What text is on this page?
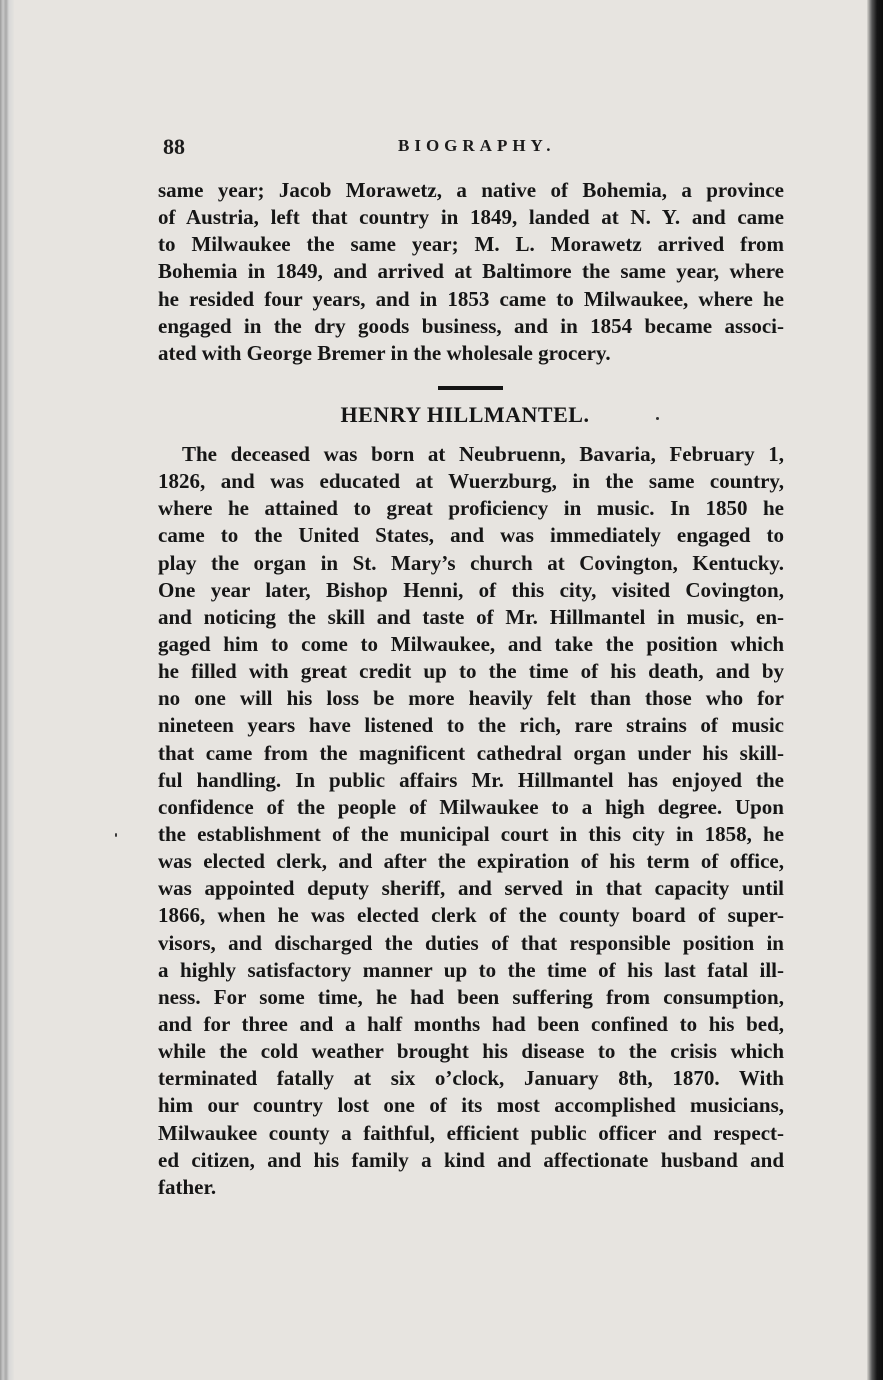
88	BIOGRAPHY.
same year; Jacob Morawetz, a native of Bohemia, a province
of Austria, left that country in 1849, landed at N. Y. and came
to Milwaukee the same year; M. L. Morawetz arrived from
Bohemia in 1849, and arrived at Baltimore the same year, where
he resided four years, and in 1853 came to Milwaukee, where he
engaged in the dry goods business, and in 1854 became associ-
ated with George Bremer in the wholesale grocery.
HENRY HILLMANTEL.
The deceased was born at Neubruenn, Bavaria, February 1,
1826, and was educated at Wuerzburg, in the same country,
where he attained to great proficiency in music. In 1850 he
came to the United States, and was immediately engaged to
play the organ in St. Mary’s church at Covington, Kentucky.
One year later, Bishop Henni, of this city, visited Covington,
and noticing the skill and taste of Mr. Hillmantel in music, en-
gaged him to come to Milwaukee, and take the position which
he filled with great credit up to the time of his death, and by
no one will his loss be more heavily felt than those who for
nineteen years have listened to the rich, rare strains of music
that came from the magnificent cathedral organ under his skill-
ful handling. In public affairs Mr. Hillmantel has enjoyed the
confidence of the people of Milwaukee to a high degree. Upon
the establishment of the municipal court in this city in 1858, he
was elected clerk, and after the expiration of his term of office,
was appointed deputy sheriff, and served in that capacity until
1866, when he was elected clerk of the county board of super-
visors, and discharged the duties of that responsible position in
a highly satisfactory manner up to the time of his last fatal ill-
ness. For some time, he had been suffering from consumption,
and for three and a half months had been confined to his bed,
while the cold weather brought his disease to the crisis which
terminated fatally at six o’clock, January 8th, 1870. With
him our country lost one of its most accomplished musicians,
Milwaukee county a faithful, efficient public officer and respect-
ed citizen, and his family a kind and affectionate husband and
father.
